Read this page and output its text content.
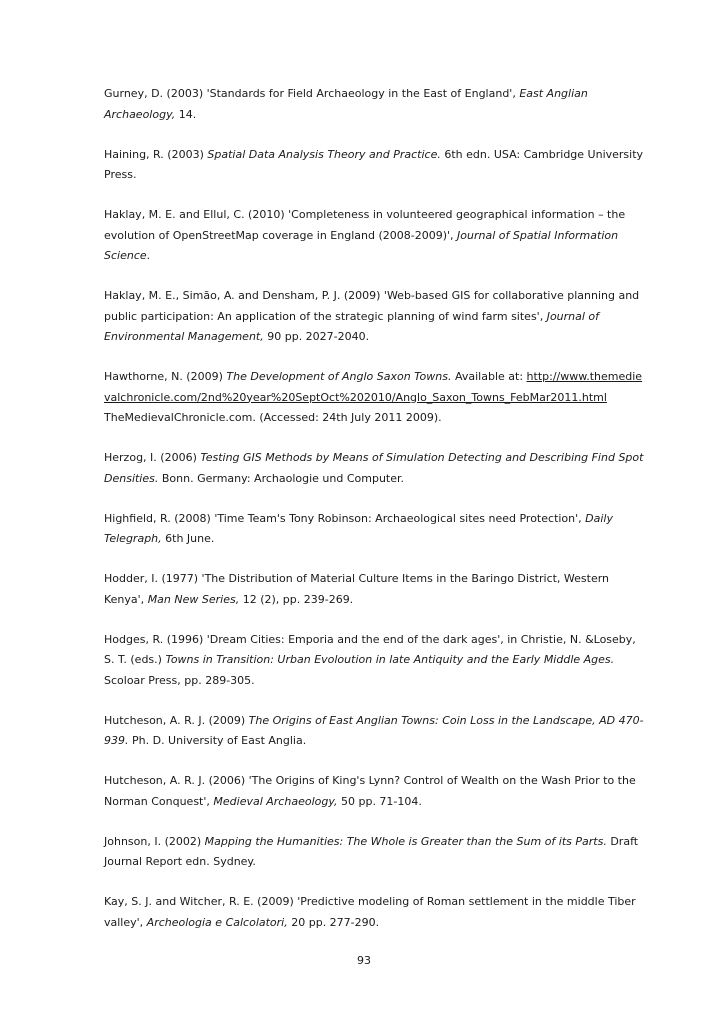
Gurney, D. (2003) 'Standards for Field Archaeology in the East of England', East Anglian Archaeology, 14.
Haining, R. (2003) Spatial Data Analysis Theory and Practice. 6th edn. USA: Cambridge University Press.
Haklay, M. E. and Ellul, C. (2010) 'Completeness in volunteered geographical information – the evolution of OpenStreetMap coverage in England (2008-2009)', Journal of Spatial Information Science.
Haklay, M. E., Simão, A. and Densham, P. J. (2009) 'Web-based GIS for collaborative planning and public participation: An application of the strategic planning of wind farm sites', Journal of Environmental Management, 90 pp. 2027-2040.
Hawthorne, N. (2009) The Development of Anglo Saxon Towns. Available at: http://www.themedievalchronicle.com/2nd%20year%20SeptOct%202010/Anglo_Saxon_Towns_FebMar2011.html TheMedievalChronicle.com. (Accessed: 24th July 2011 2009).
Herzog, I. (2006) Testing GIS Methods by Means of Simulation Detecting and Describing Find Spot Densities. Bonn. Germany: Archaologie und Computer.
Highfield, R. (2008) 'Time Team's Tony Robinson: Archaeological sites need Protection', Daily Telegraph, 6th June.
Hodder, I. (1977) 'The Distribution of Material Culture Items in the Baringo District, Western Kenya', Man New Series, 12 (2), pp. 239-269.
Hodges, R. (1996) 'Dream Cities: Emporia and the end of the dark ages', in Christie, N. &Loseby, S. T. (eds.) Towns in Transition: Urban Evoloution in late Antiquity and the Early Middle Ages. Scoloar Press, pp. 289-305.
Hutcheson, A. R. J. (2009) The Origins of East Anglian Towns: Coin Loss in the Landscape, AD 470-939. Ph. D. University of East Anglia.
Hutcheson, A. R. J. (2006) 'The Origins of King's Lynn? Control of Wealth on the Wash Prior to the Norman Conquest', Medieval Archaeology, 50 pp. 71-104.
Johnson, I. (2002) Mapping the Humanities: The Whole is Greater than the Sum of its Parts. Draft Journal Report edn. Sydney.
Kay, S. J. and Witcher, R. E. (2009) 'Predictive modeling of Roman settlement in the middle Tiber valley', Archeologia e Calcolatori, 20 pp. 277-290.
93
